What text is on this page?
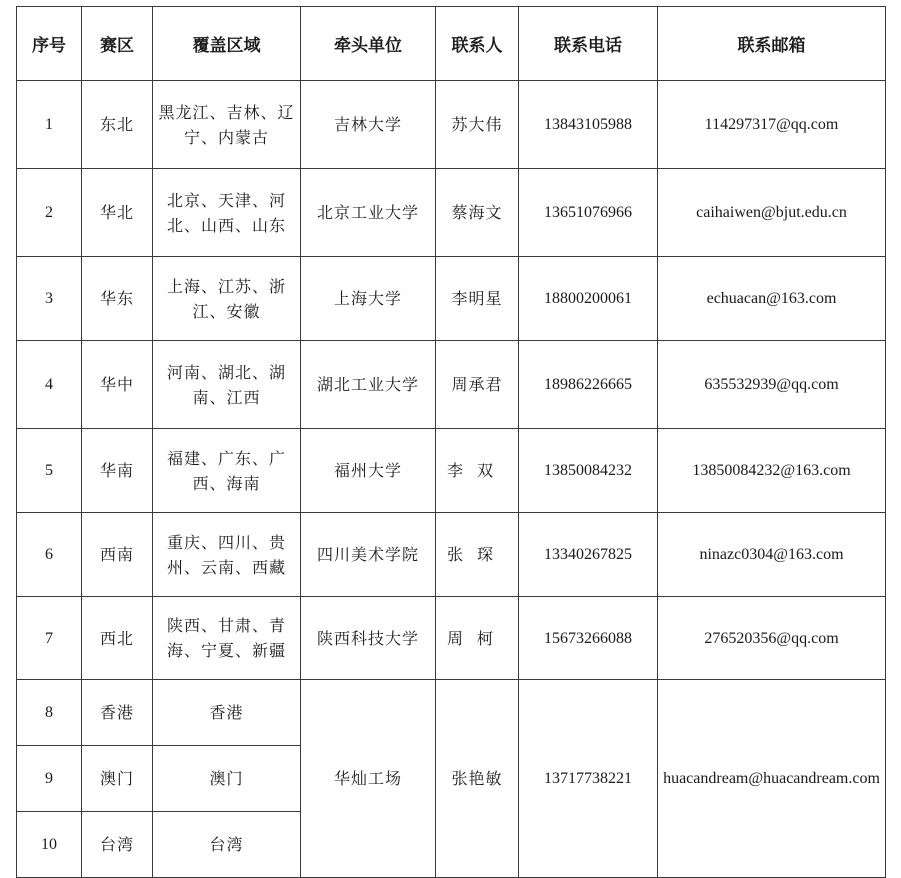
序号	赛区	覆盖区域	牵头单位	联系人	联系电话	联系邮箱
1	东北	黑龙江、吉林、辽宁、内蒙古	吉林大学	苏大伟	13843105988	114297317@qq.com
2	华北	北京、天津、河北、山西、山东	北京工业大学	蔡海文	13651076966	caihaiwen@bjut.edu.cn
3	华东	上海、江苏、浙江、安徽	上海大学	李明星	18800200061	echuacan@163.com
4	华中	河南、湖北、湖南、江西	湖北工业大学	周承君	18986226665	635532939@qq.com
5	华南	福建、广东、广西、海南	福州大学	李双	13850084232	13850084232@163.com
6	西南	重庆、四川、贵州、云南、西藏	四川美术学院	张琛	13340267825	ninazc0304@163.com
7	西北	陕西、甘肃、青海、宁夏、新疆	陕西科技大学	周柯	15673266088	276520356@qq.com
8	香港	香港	华灿工场	张艳敏	13717738221	huacandream@huacandream.com
9	澳门	澳门				
10	台湾	台湾				
